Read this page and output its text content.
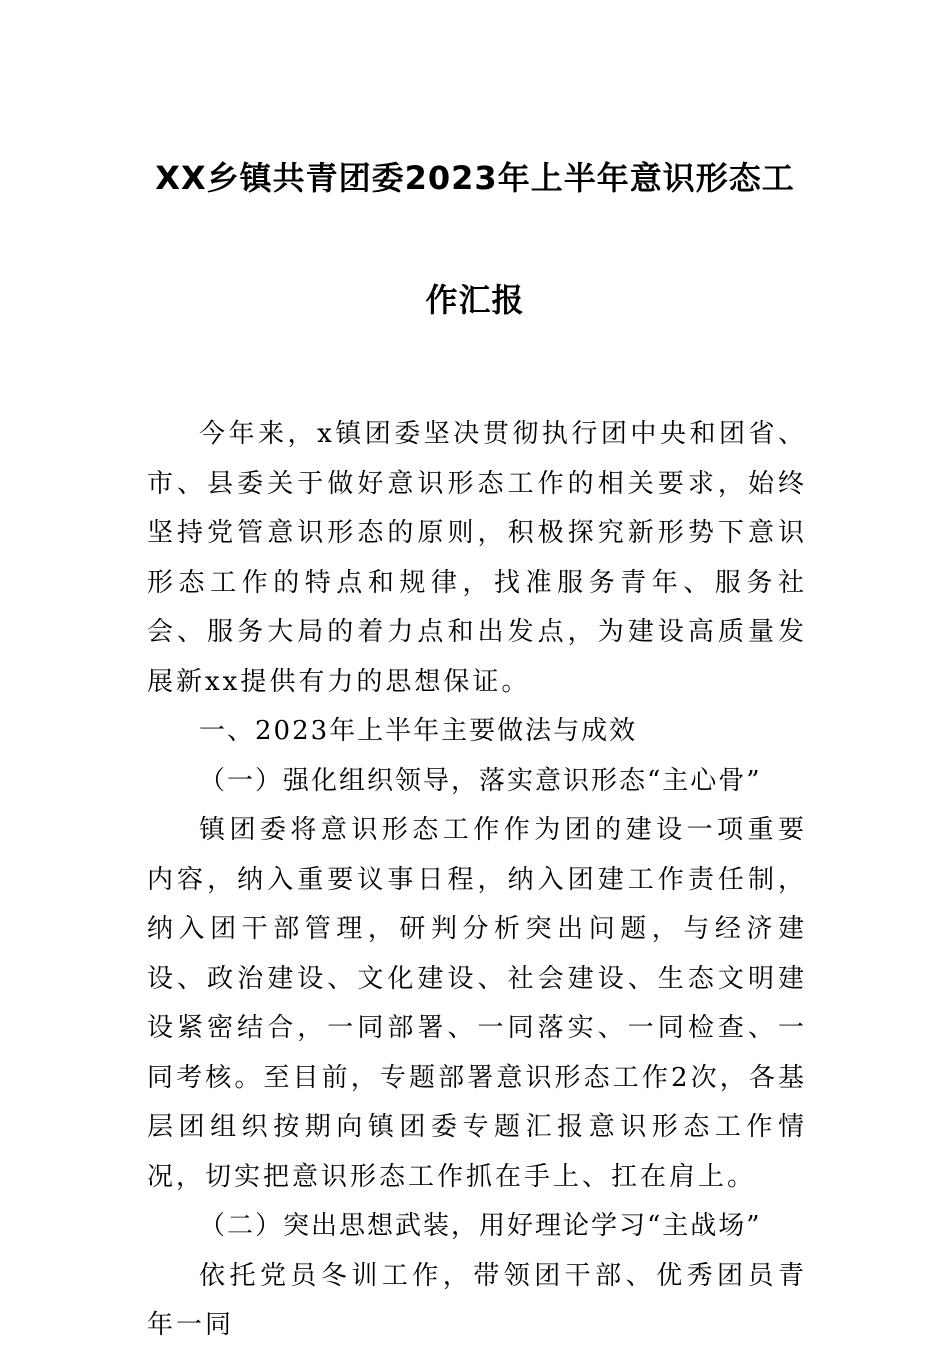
XX乡镇共青团委2023年上半年意识形态工
作汇报

今年来，x镇团委坚决贯彻执行团中央和团省、市、县委关于做好意识形态工作的相关要求，始终坚持党管意识形态的原则，积极探究新形势下意识形态工作的特点和规律，找准服务青年、服务社会、服务大局的着力点和出发点，为建设高质量发展新xx提供有力的思想保证。

一、2023年上半年主要做法与成效

（一）强化组织领导，落实意识形态“主心骨”

镇团委将意识形态工作作为团的建设一项重要内容，纳入重要议事日程，纳入团建工作责任制，纳入团干部管理，研判分析突出问题，与经济建设、政治建设、文化建设、社会建设、生态文明建设紧密结合，一同部署、一同落实、一同检查、一同考核。至目前，专题部署意识形态工作2次，各基层团组织按期向镇团委专题汇报意识形态工作情况，切实把意识形态工作抓在手上、扛在肩上。

（二）突出思想武装，用好理论学习“主战场”

依托党员冬训工作，带领团干部、优秀团员青年一同
